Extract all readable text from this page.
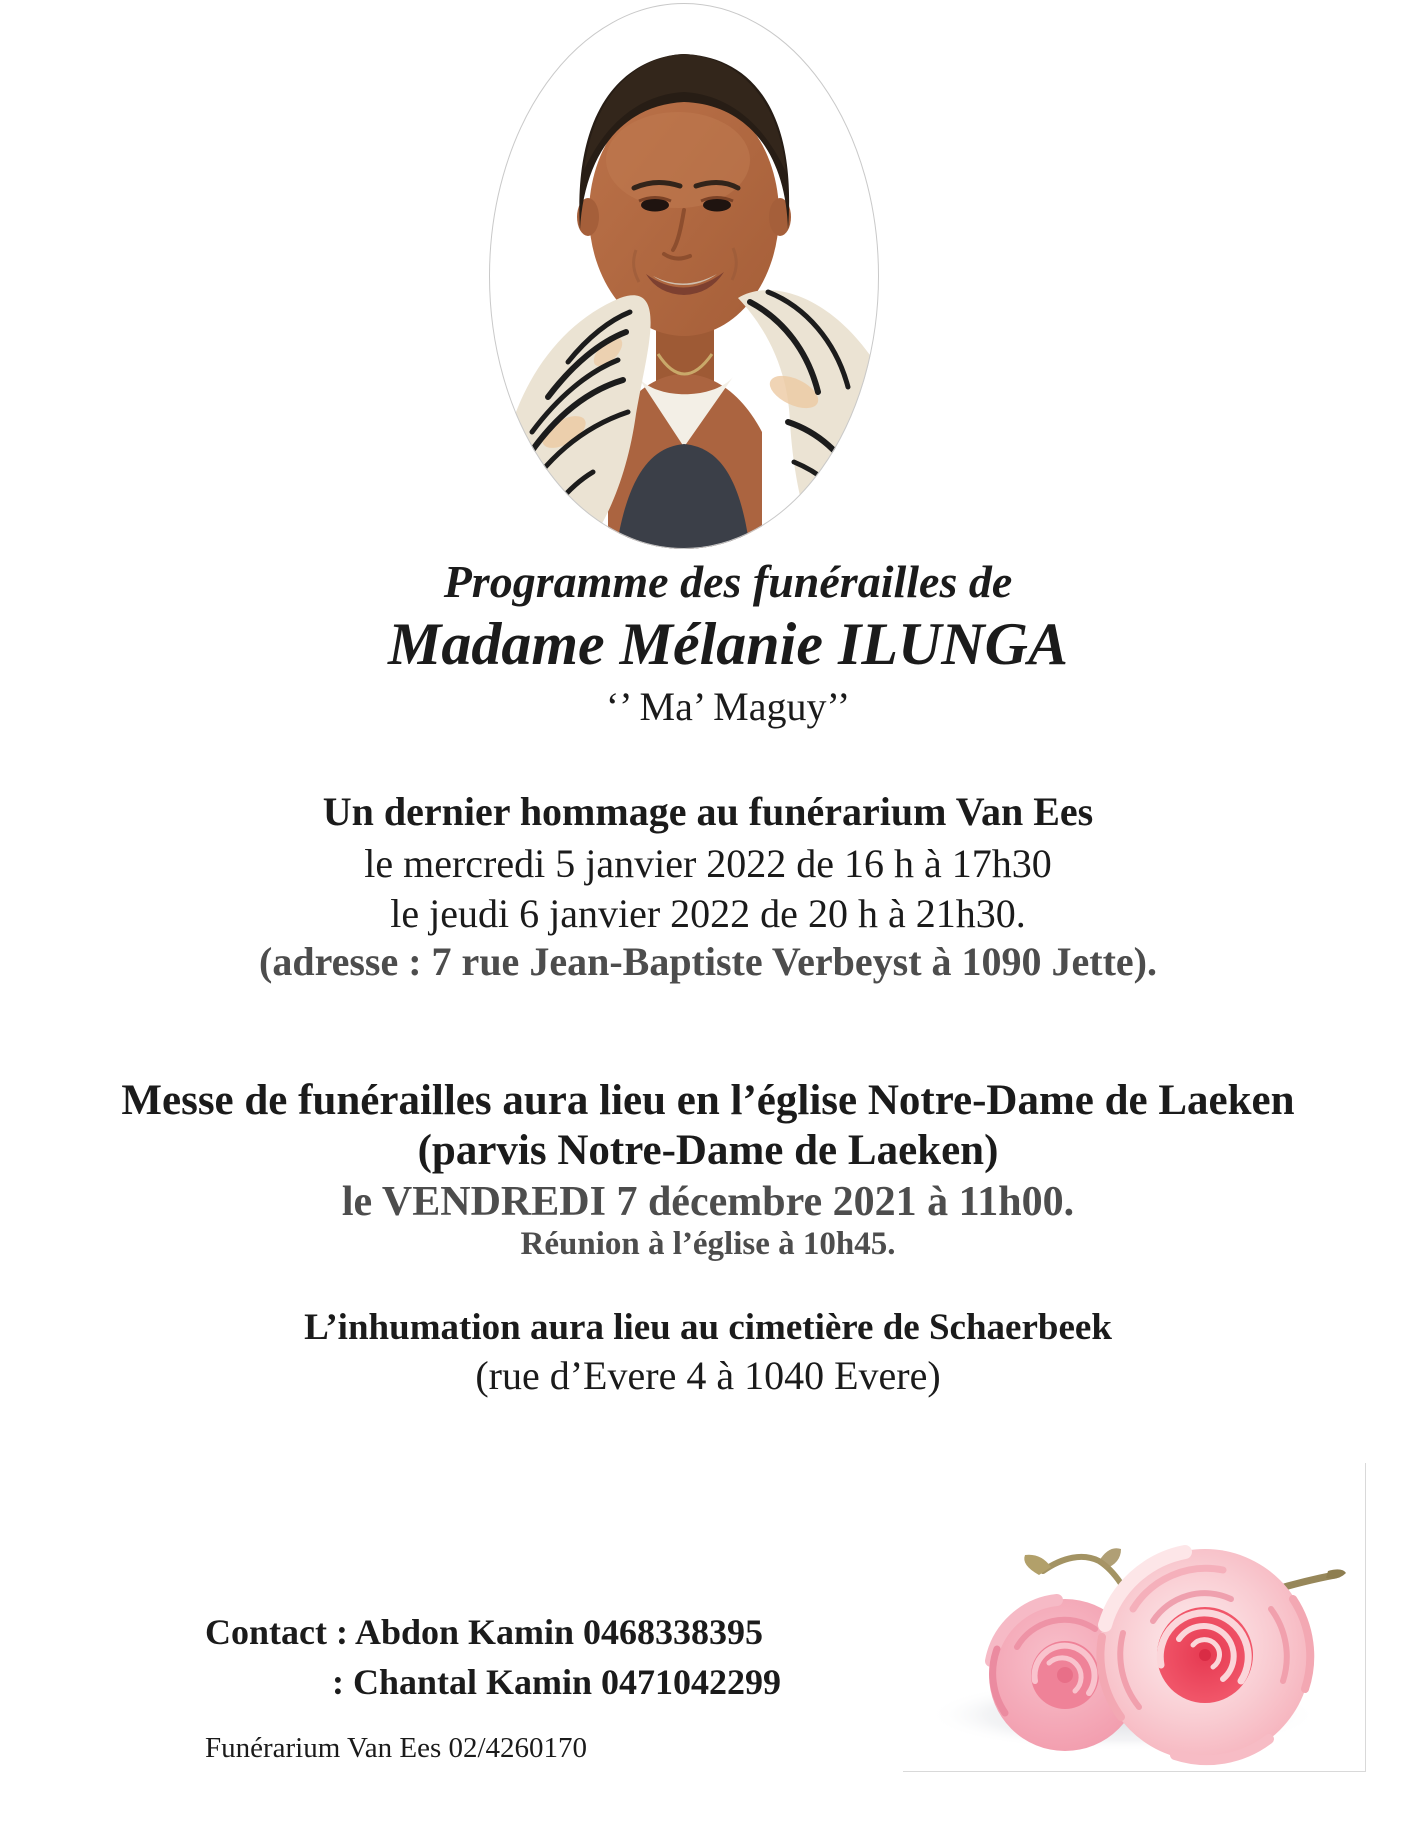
Programme des funérailles de
Madame Mélanie ILUNGA
‘’ Ma’ Maguy’’
Un dernier hommage au funérarium Van Ees
le mercredi 5 janvier 2022 de 16 h à 17h30
le jeudi 6 janvier 2022 de 20 h à 21h30.
(adresse : 7 rue Jean-Baptiste Verbeyst à 1090 Jette).
Messe de funérailles aura lieu en l’église Notre-Dame de Laeken
(parvis Notre-Dame de Laeken)
le VENDREDI 7 décembre 2021 à 11h00.
Réunion à l’église à 10h45.
L’inhumation aura lieu au cimetière de Schaerbeek
(rue d’Evere 4 à 1040 Evere)
Contact : Abdon Kamin 0468338395
: Chantal Kamin 0471042299
Funérarium Van Ees 02/4260170
